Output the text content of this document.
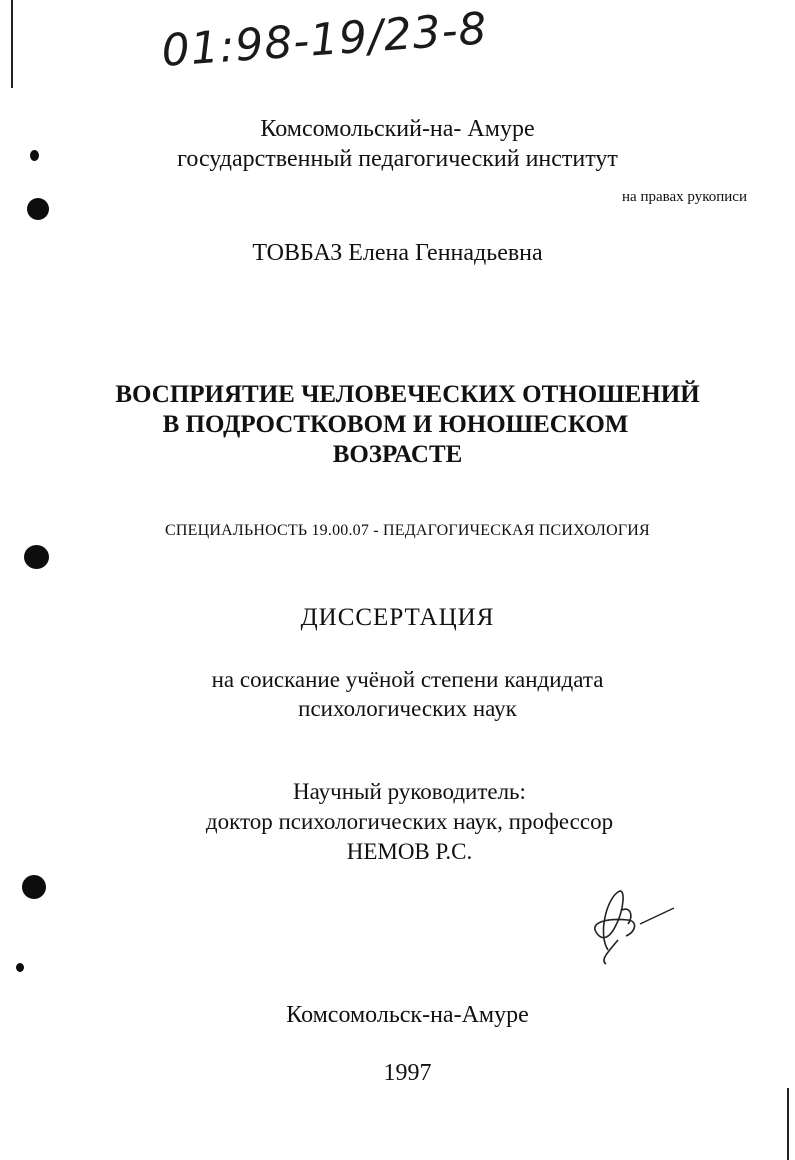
01:98-19/23-8
Комсомольский-на- Амуре
государственный педагогический институт
на правах рукописи
ТОВБАЗ Елена Геннадьевна
ВОСПРИЯТИЕ ЧЕЛОВЕЧЕСКИХ ОТНОШЕНИЙ
В ПОДРОСТКОВОМ И ЮНОШЕСКОМ
ВОЗРАСТЕ
СПЕЦИАЛЬНОСТЬ 19.00.07 - ПЕДАГОГИЧЕСКАЯ ПСИХОЛОГИЯ
ДИССЕРТАЦИЯ
на соискание учёной степени кандидата
психологических наук
Научный руководитель:
доктор психологических наук, профессор
НЕМОВ Р.С.
Комсомольск-на-Амуре
1997
